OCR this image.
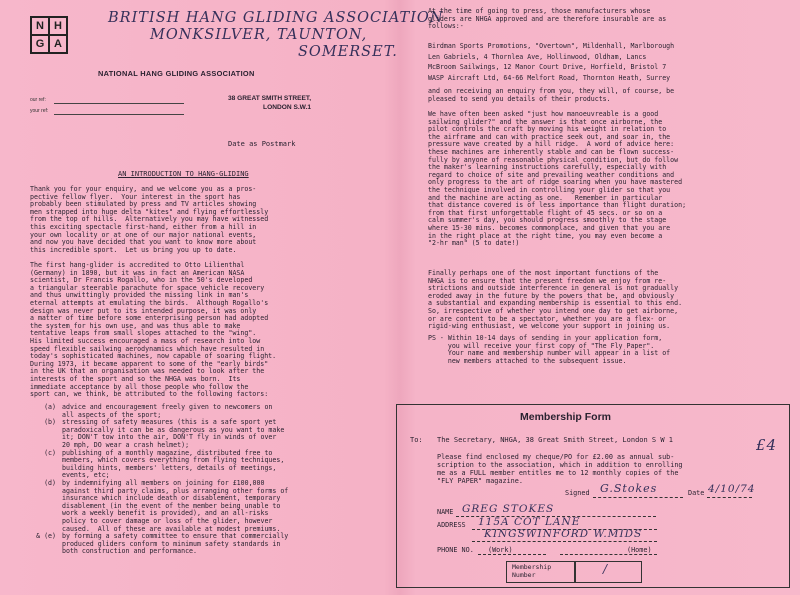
BRITISH HANG GLIDING ASSOCIATION
MONKSILVER, TAUNTON,
SOMERSET.
N H
G A
NATIONAL HANG GLIDING ASSOCIATION
our ref:
your ref:
38 GREAT SMITH STREET,
LONDON S.W.1
Date as Postmark
AN INTRODUCTION TO HANG-GLIDING
Thank you for your enquiry, and we welcome you as a pros-
pective fellow flyer.  Your interest in the sport has
probably been stimulated by press and TV articles showing
men strapped into huge delta "kites" and flying effortlessly
from the top of hills.  Alternatively you may have witnessed
this exciting spectacle first-hand, either from a hill in
your own locality or at one of our major national events,
and now you have decided that you want to know more about
this incredible sport.  Let us bring you up to date.
The first hang-glider is accredited to Otto Lilienthal
(Germany) in 1890, but it was in fact an American NASA
scientist, Dr Francis Rogallo, who in the 50's developed
a triangular steerable parachute for space vehicle recovery
and thus unwittingly provided the missing link in man's
eternal attempts at emulating the birds.  Although Rogallo's
design was never put to its intended purpose, it was only
a matter of time before some enterprising person had adopted
the system for his own use, and was thus able to make
tentative leaps from small slopes attached to the "wing".
His limited success encouraged a mass of research into low
speed flexible sailwing aerodynamics which have resulted in
today's sophisticated machines, now capable of soaring flight.
During 1973, it became apparent to some of the "early birds"
in the UK that an organisation was needed to look after the
interests of the sport and so the NHGA was born.  Its
immediate acceptance by all those people who follow the
sport can, we think, be attributed to the following factors:
(a) advice and encouragement freely given to newcomers on
all aspects of the sport;
(b) stressing of safety measures (this is a safe sport yet
paradoxically it can be as dangerous as you want to make
it; DON'T tow into the air, DON'T fly in winds of over
20 mph, DO wear a crash helmet);
(c) publishing of a monthly magazine, distributed free to
members, which covers everything from flying techniques,
building hints, members' letters, details of meetings,
events, etc;
(d) by indemnifying all members on joining for £100,000
against third party claims, plus arranging other forms of
insurance which include death or disablement, temporary
disablement (in the event of the member being unable to
work a weekly benefit is provided), and an all-risks
policy to cover damage or loss of the glider, however
caused.  All of these are available at modest premiums.
& (e) by forming a safety committee to ensure that commercially
produced gliders conform to minimum safety standards in
both construction and performance.
At the time of going to press, those manufacturers whose
gliders are NHGA approved and are therefore insurable are as
follows:-
Birdman Sports Promotions, "Overtown", Mildenhall, Marlborough
Len Gabriels, 4 Thornlea Ave, Hollinwood, Oldham, Lancs
McBroom Sailwings, 12 Manor Court Drive, Horfield, Bristol 7
WASP Aircraft Ltd, 64-66 Melfort Road, Thornton Heath, Surrey
and on receiving an enquiry from you, they will, of course, be
pleased to send you details of their products.
We have often been asked "just how manoeuvreable is a good
sailwing glider?" and the answer is that once airborne, the
pilot controls the craft by moving his weight in relation to
the airframe and can with practice seek out, and soar in, the
pressure wave created by a hill ridge.  A word of advice here:
these machines are inherently stable and can be flown success-
fully by anyone of reasonable physical condition, but do follow
the maker's learning instructions carefully, especially with
regard to choice of site and prevailing weather conditions and
only progress to the art of ridge soaring when you have mastered
the technique involved in controlling your glider so that you
and the machine are acting as one.   Remember in particular
that distance covered is of less importance than flight duration;
from that first unforgettable flight of 45 secs. or so on a
calm summer's day, you should progress smoothly to the stage
where 15-30 mins. becomes commonplace, and given that you are
in the right place at the right time, you may even become a
"2-hr man" (5 to date!)
Finally perhaps one of the most important functions of the
NHGA is to ensure that the present freedom we enjoy from re-
strictions and outside interference in general is not gradually
eroded away in the future by the powers that be, and obviously
a substantial and expanding membership is essential to this end.
So, irrespective of whether you intend one day to get airborne,
or are content to be a spectator, whether you are a flex- or
rigid-wing enthusiast, we welcome your support in joining us.
PS - Within 10-14 days of sending in your application form,
you will receive your first copy of "The Fly Paper".
Your name and membership number will appear in a list of
new members attached to the subsequent issue.
Membership Form
To: The Secretary, NHGA, 38 Great Smith Street, London S W 1
Please find enclosed my cheque/PO for £2.00 as annual sub-
scription to the association, which in addition to enrolling
me as a FULL member entitles me to 12 monthly copies of the
"FLY PAPER" magazine.
Signed G.Stokes	Date 4/10/74
NAME GREG STOKES
ADDRESS 115A COT LANE
KINGSWINFORD W.MIDS
PHONE NO. (Work)	(Home)
Membership
Number	/
£4
